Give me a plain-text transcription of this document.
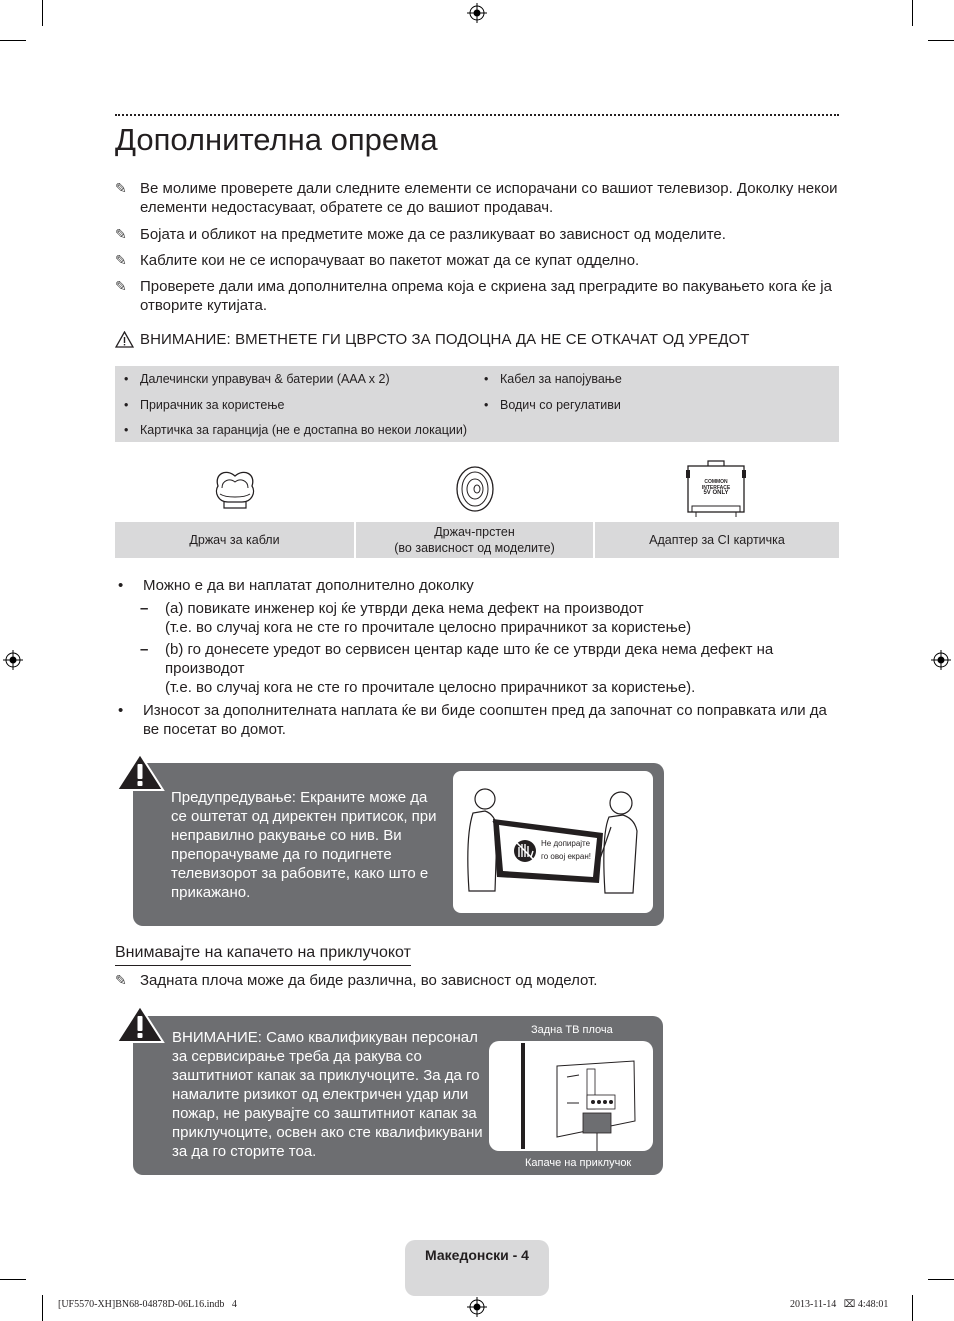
Дополнителна опрема
✎ Ве молиме проверете дали следните елементи се испорачани со вашиот телевизор. Доколку некои елементи недостасуваат, обратете се до вашиот продавач.
✎ Бојата и обликот на предметите може да се разликуваат во зависност од моделите.
✎ Каблите кои не се испорачуваат во пакетот можат да се купат одделно.
✎ Проверете дали има дополнителна опрема која е скриена зад преградите во пакувањето кога ќе ја отворите кутијата.
ВНИМАНИЕ: ВМЕТНЕТЕ ГИ ЦВРСТО ЗА ПОДОЦНА ДА НЕ СЕ ОТКАЧАТ ОД УРЕДОТ
• Далечински управувач & батерии (AAA x 2)
• Прирачник за користење
• Картичка за гаранција (не е достапна во некои локации)
• Кабел за напојување
• Водич со регулативи
COMMON INTERFACE
5V ONLY
Држач за кабли
Држач-прстен
(во зависност од моделите)
Адаптер за CI картичка
• Можно е да ви наплатат дополнително доколку
– (a) повикате инженер кој ќе утврди дека нема дефект на производот
(т.е. во случај кога не сте го прочитале целосно прирачникот за користење)
– (b) го донесете уредот во сервисен центар каде што ќе се утврди дека нема дефект на производот
(т.е. во случај кога не сте го прочитале целосно прирачникот за користење).
• Износот за дополнителната наплата ќе ви биде соопштен пред да започнат со поправката или да ве посетат во домот.
Предупредување: Екраните може да се оштетат од директен притисок, при неправилно ракување со нив. Ви препорачуваме да го подигнете телевизорот за рабовите, како што е прикажано.
Не допирајте
го овој екран!
Внимавајте на капачето на приклучокот
✎ Задната плоча може да биде различна, во зависност од моделот.
ВНИМАНИЕ: Само квалификуван персонал за сервисирање треба да ракува со заштитниот капак за приклучоците. За да го намалите ризикот од електричен удар или пожар, не ракувајте со заштитниот капак за приклучоците, освен ако сте квалификувани за да го сторите тоа.
Задна ТВ плоча
Капаче на приклучок
Македонски - 4
[UF5570-XH]BN68-04878D-06L16.indb   4	2013-11-14   ⌧ 4:48:01
